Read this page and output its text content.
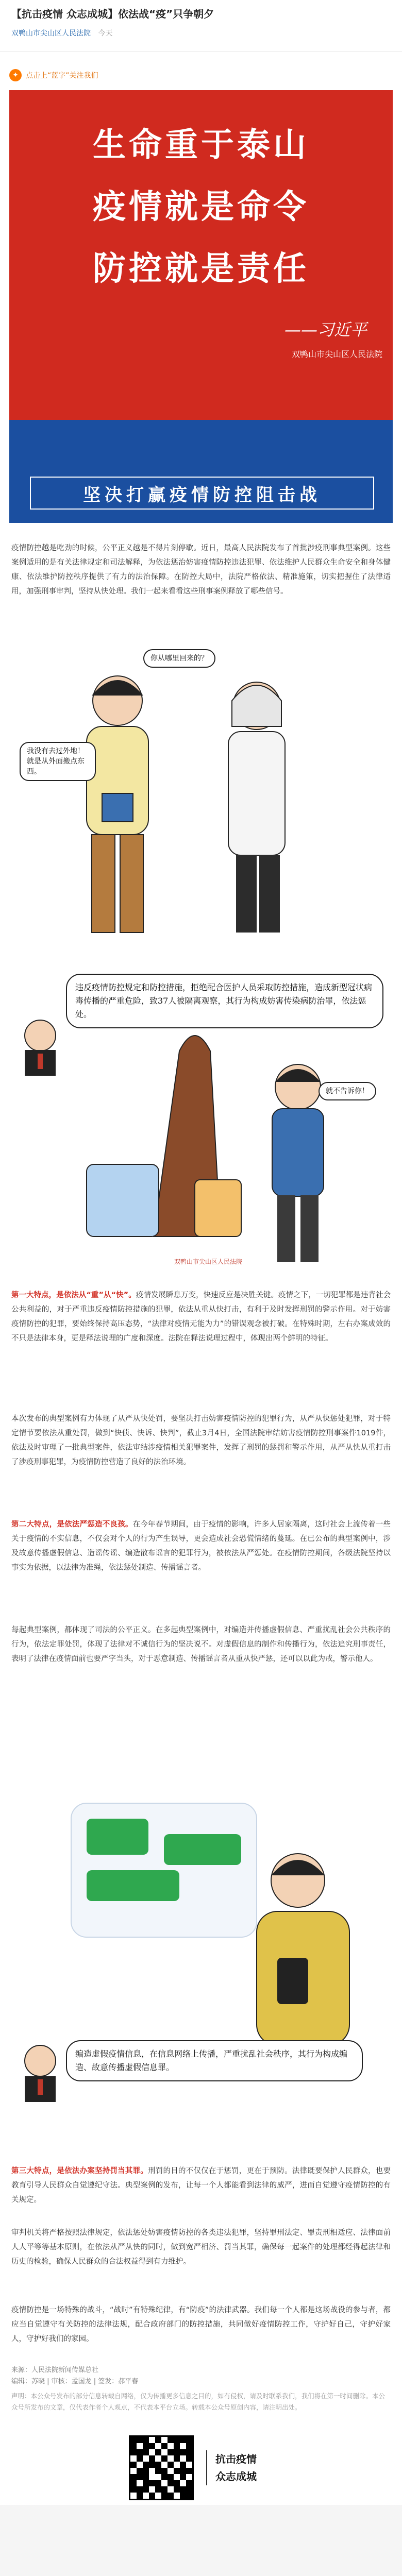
【抗击疫情 众志成城】依法战“疫”只争朝夕
双鸭山市尖山区人民法院 今天
✦	点击上“蓝字”关注我们
生命重于泰山
疫情就是命令
防控就是责任
——习近平
双鸭山市尖山区人民法院
坚决打赢疫情防控阻击战
疫情防控越是吃劲的时候，公平正义越是不得片刻停歇。近日，最高人民法院发布了首批涉疫刑事典型案例。这些案例适用的是有关法律规定和司法解释，为依法惩治妨害疫情防控违法犯罪、依法维护人民群众生命安全和身体健康、依法维护防控秩序提供了有力的法治保障。在防控大局中，法院严格依法、精准施策，切实把握住了法律适用，加强刑事审判，坚持从快处理。我们一起来看看这些刑事案例释放了哪些信号。
你从哪里回来的？
我没有去过外地！就是从外面搬点东西。
违反疫情防控规定和防控措施，拒绝配合医护人员采取防控措施，造成新型冠状病毒传播的严重危险，致37人被隔离观察，其行为构成妨害传染病防治罪，依法惩处。
就不告诉你！
双鸭山市尖山区人民法院
第一大特点，是依法从“重”从“快”。疫情发展瞬息万变，快速反应是决胜关键。疫情之下，一切犯罪都是违背社会公共利益的，对于严重违反疫情防控措施的犯罪，依法从重从快打击，有利于及时发挥刑罚的警示作用。对于妨害疫情防控的犯罪，要始终保持高压态势，“法律对疫情无能为力”的错误观念被打破。在特殊时期，左右办案成效的不只是法律本身，更是释法说理的广度和深度。法院在释法说理过程中，体现出两个鲜明的特征。
本次发布的典型案例有力体现了从严从快处罚，要坚决打击妨害疫情防控的犯罪行为，从严从快惩处犯罪，对于特定情节要依法从重处罚，做到“快侦、快诉、快判”，截止3月4日，全国法院审结妨害疫情防控刑事案件1019件，依法及时审理了一批典型案件，依法审结涉疫情相关犯罪案件，发挥了刑罚的惩罚和警示作用，从严从快从重打击了涉疫刑事犯罪，为疫情防控营造了良好的法治环境。
第二大特点，是依法严惩造不良孩。在今年春节期间，由于疫情的影响，许多人居家隔离，这时社会上流传着一些关于疫情的不实信息，不仅会对个人的行为产生误导，更会造成社会恐慌情绪的蔓延。在已公布的典型案例中，涉及故意传播虚假信息、造谣传谣、编造散布谣言的犯罪行为，被依法从严惩处。在疫情防控期间，各级法院坚持以事实为依据，以法律为准绳，依法惩处制造、传播谣言者。
每起典型案例，都体现了司法的公平正义。在多起典型案例中，对编造并传播虚假信息、严重扰乱社会公共秩序的行为，依法定罪处罚，体现了法律对不诚信行为的坚决说不。对虚假信息的制作和传播行为，依法追究刑事责任，表明了法律在疫情面前也要严字当头，对于恶意制造、传播谣言者从重从快严惩，还可以以此为戒，警示他人。
编造虚假疫情信息，在信息网络上传播，严重扰乱社会秩序，其行为构成编造、故意传播虚假信息罪。
第三大特点，是依法办案坚持罚当其罪。刑罚的目的不仅仅在于惩罚，更在于预防。法律既要保护人民群众，也要教育引导人民群众自觉遵纪守法。典型案例的发布，让每一个人都能看到法律的威严，进而自觉遵守疫情防控的有关规定。
审判机关将严格按照法律规定，依法惩处妨害疫情防控的各类违法犯罪，坚持罪刑法定、罪责刑相适应、法律面前人人平等等基本原则，在依法从严从快的同时，做到宽严相济、罚当其罪，确保每一起案件的处理都经得起法律和历史的检验，确保人民群众的合法权益得到有力维护。
疫情防控是一场特殊的战斗，“战时”有特殊纪律，有“防疫”的法律武器。我们每一个人都是这场战役的参与者，都应当自觉遵守有关防控的法律法规，配合政府部门的防控措施，共同做好疫情防控工作，守护好自己，守护好家人，守护好我们的家园。
来源：人民法院新闻传媒总社
编辑：苏晓 | 审核：孟国龙 | 签发：郝平春
声明：本公众号发布的部分信息转载自网络，仅为传播更多信息之目的，如有侵权，请及时联系我们，我们将在第一时间删除。本公众号所发布的文章，仅代表作者个人观点，不代表本平台立场。转载本公众号原创内容，请注明出处。
抗击疫情
众志成城
